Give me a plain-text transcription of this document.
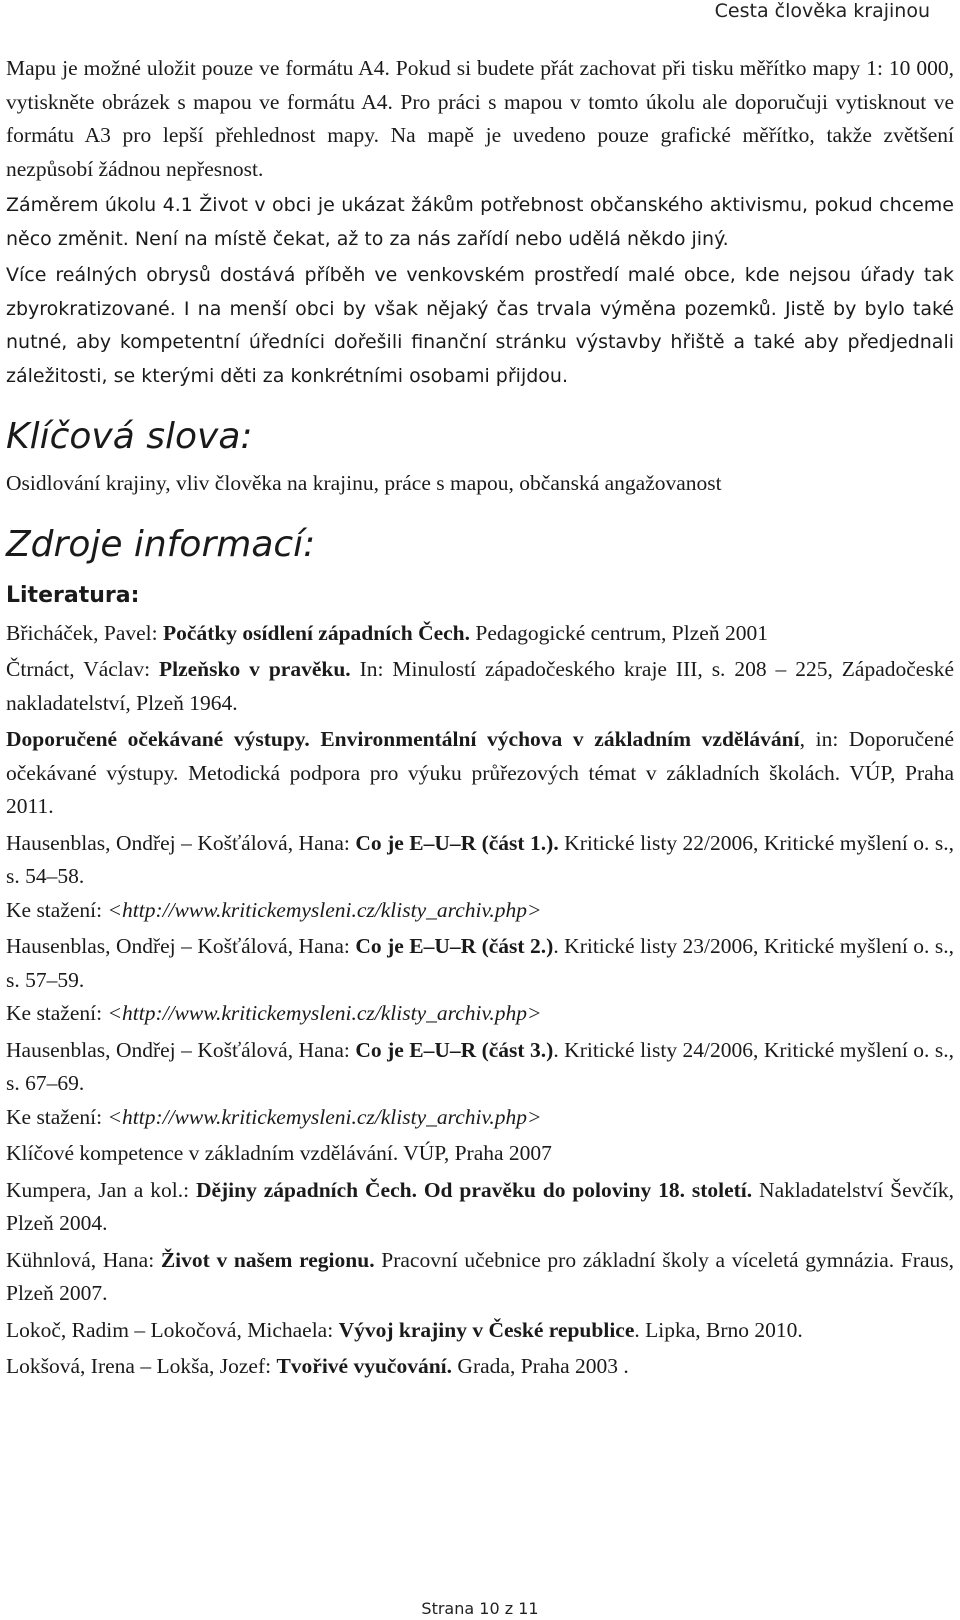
Cesta člověka krajinou

Mapu je možné uložit pouze ve formátu A4. Pokud si budete přát zachovat při tisku měřítko mapy 1: 10 000, vytiskněte obrázek s mapou ve formátu A4. Pro práci s mapou v tomto úkolu ale doporučuji vytisknout ve formátu A3 pro lepší přehlednost mapy. Na mapě je uvedeno pouze grafické měřítko, takže zvětšení nezpůsobí žádnou nepřesnost.

Záměrem úkolu 4.1 Život v obci je ukázat žákům potřebnost občanského aktivismu, pokud chceme něco změnit. Není na místě čekat, až to za nás zařídí nebo udělá někdo jiný.

Více reálných obrysů dostává příběh ve venkovském prostředí malé obce, kde nejsou úřady tak zbyrokratizované. I na menší obci by však nějaký čas trvala výměna pozemků. Jistě by bylo také nutné, aby kompetentní úředníci dořešili finanční stránku výstavby hřiště a také aby předjednali záležitosti, se kterými děti za konkrétními osobami přijdou.

Klíčová slova:

Osidlování krajiny, vliv člověka na krajinu, práce s mapou, občanská angažovanost

Zdroje informací:
Literatura:

Břicháček, Pavel: Počátky osídlení západních Čech. Pedagogické centrum, Plzeň 2001

Čtrnáct, Václav: Plzeňsko v pravěku. In: Minulostí západočeského kraje III, s. 208 – 225, Západočeské nakladatelství, Plzeň 1964.

Doporučené očekávané výstupy. Environmentální výchova v základním vzdělávání, in: Doporučené očekávané výstupy. Metodická podpora pro výuku průřezových témat v základních školách. VÚP, Praha 2011.

Hausenblas, Ondřej – Košťálová, Hana: Co je E–U–R (část 1.). Kritické listy 22/2006, Kritické myšlení o. s., s. 54–58.
Ke stažení: <http://www.kritickemysleni.cz/klisty_archiv.php>

Hausenblas, Ondřej – Košťálová, Hana: Co je E–U–R (část 2.). Kritické listy 23/2006, Kritické myšlení o. s., s. 57–59.
Ke stažení: <http://www.kritickemysleni.cz/klisty_archiv.php>

Hausenblas, Ondřej – Košťálová, Hana: Co je E–U–R (část 3.). Kritické listy 24/2006, Kritické myšlení o. s., s. 67–69.
Ke stažení: <http://www.kritickemysleni.cz/klisty_archiv.php>

Klíčové kompetence v základním vzdělávání. VÚP, Praha 2007

Kumpera, Jan a kol.: Dějiny západních Čech. Od pravěku do poloviny 18. století. Nakladatelství Ševčík, Plzeň 2004.

Kühnlová, Hana: Život v našem regionu. Pracovní učebnice pro základní školy a víceletá gymnázia. Fraus, Plzeň 2007.

Lokoč, Radim – Lokočová, Michaela: Vývoj krajiny v České republice. Lipka, Brno 2010.

Lokšová, Irena – Lokša, Jozef: Tvořivé vyučování. Grada, Praha 2003 .

Strana 10 z 11
